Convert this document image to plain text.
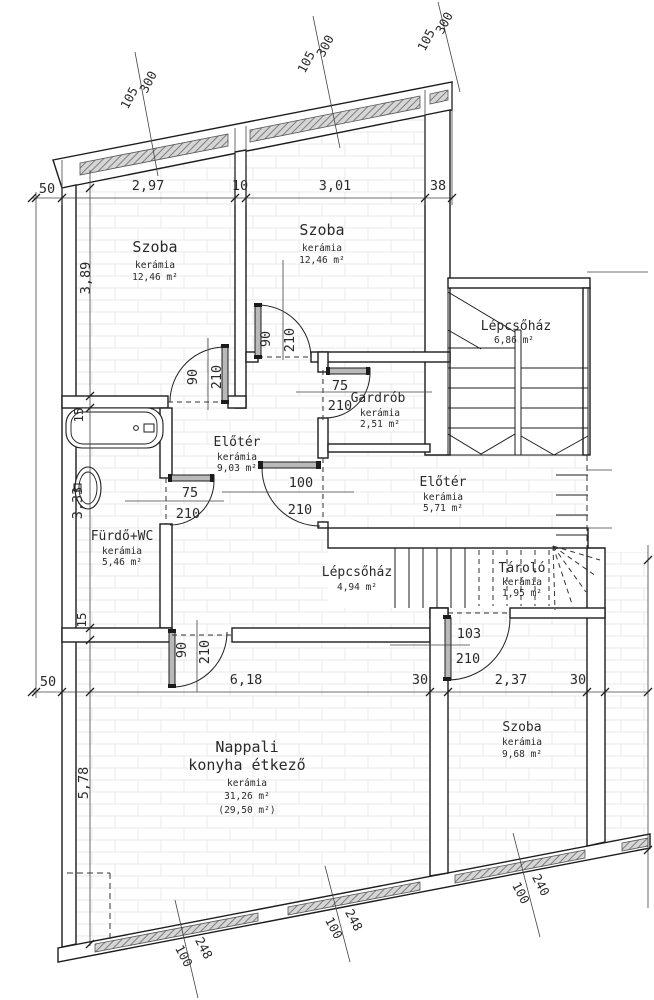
50	2,97	10	3,01	38
50	6,18	30	2,37	30
3,89
15
3,33
15
5,78
105
300
105
300	105
300
100
248
100
248
100
240
90 210
90 210
75
210
75
210
100
210
103
210
90 210
Szoba
kerámia
12,46 m²
Szoba
kerámia
12,46 m²
Lépcsőház
6,86 m²
Gardrób
kerámia
2,51 m²
Előtér
kerámia
9,03 m²
Előtér
kerámia
5,71 m²
Fürdő+WC
kerámia
5,46 m²
Lépcsőház
4,94 m²
Tároló
kerámia
1,95 m²
Nappali
konyha étkező
kerámia
31,26 m²
(29,50 m²)
Szoba
kerámia
9,68 m²
